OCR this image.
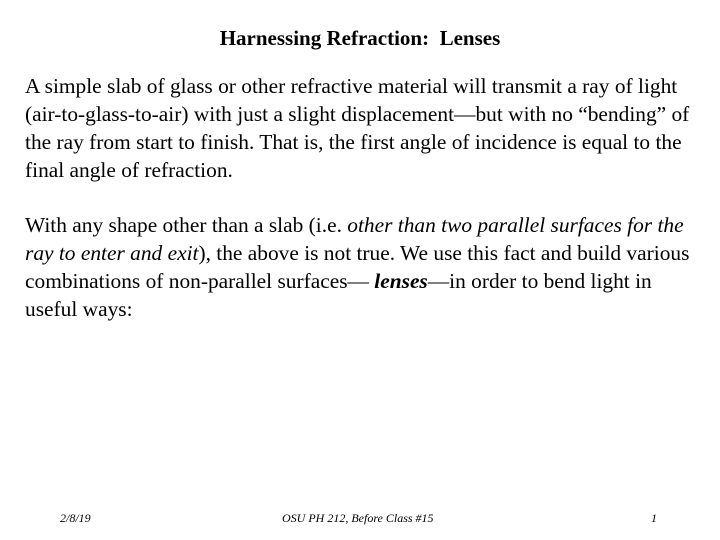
Harnessing Refraction:  Lenses
A simple slab of glass or other refractive material will transmit a ray of light (air-to-glass-to-air) with just a slight displacement—but with no “bending” of the ray from start to finish. That is, the first angle of incidence is equal to the final angle of refraction.
With any shape other than a slab (i.e. other than two parallel surfaces for the ray to enter and exit), the above is not true. We use this fact and build various combinations of non-parallel surfaces— lenses—in order to bend light in useful ways:
2/8/19	OSU PH 212, Before Class #15	1
